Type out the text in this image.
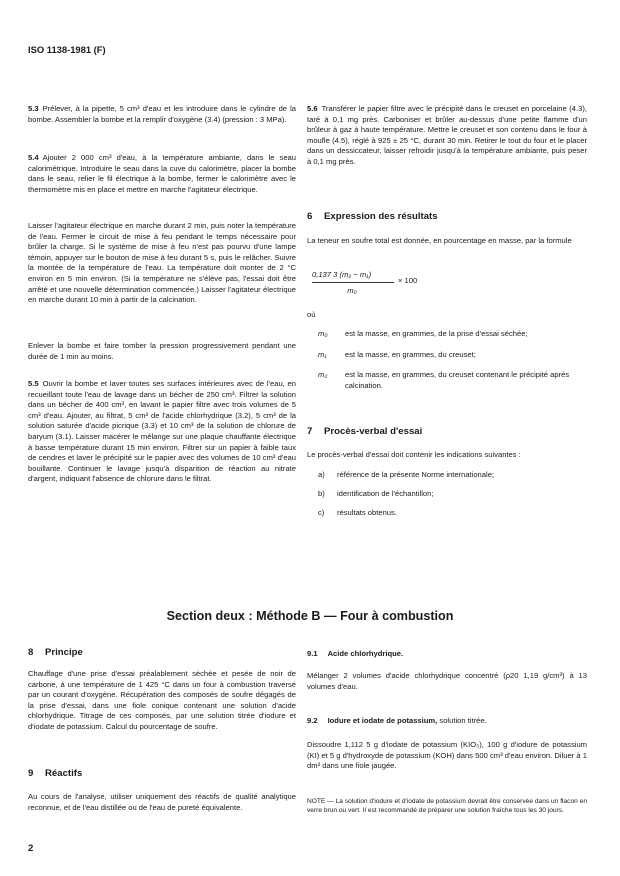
ISO 1138-1981 (F)

5.3 Prélever, à la pipette, 5 cm³ d'eau et les introduire dans le cylindre de la bombe. Assembler la bombe et la remplir d'oxygène (3.4) (pression : 3 MPa).

5.4 Ajouter 2 000 cm³ d'eau, à la température ambiante, dans le seau calorimétrique. Introduire le seau dans la cuve du calorimètre, placer la bombe dans le seau, relier le fil électrique à la bombe, fermer le calorimètre avec le thermomètre mis en place et mettre en marche l'agitateur électrique.

Laisser l'agitateur électrique en marche durant 2 min, puis noter la température de l'eau. Fermer le circuit de mise à feu pendant le temps nécessaire pour brûler la charge. Si le système de mise à feu n'est pas pourvu d'une lampe témoin, appuyer sur le bouton de mise à feu durant 5 s, puis le relâcher. Suivre la montée de la température de l'eau. La température doit monter de 2 °C environ en 5 min environ. (Si la température ne s'élève pas, l'essai doit être arrêté et une nouvelle détermination commencée.) Laisser l'agitateur électrique en marche durant 10 min à partir de la calcination.

Enlever la bombe et faire tomber la pression progressivement pendant une durée de 1 min au moins.

5.5 Ouvrir la bombe et laver toutes ses surfaces intérieures avec de l'eau, en recueillant toute l'eau de lavage dans un bécher de 250 cm³. Filtrer la solution dans un bécher de 400 cm³, en lavant le papier filtre avec trois volumes de 5 cm³ d'eau. Ajouter, au filtrat, 5 cm³ de l'acide chlorhydrique (3.2), 5 cm³ de la solution saturée d'acide picrique (3.3) et 10 cm³ de la solution de chlorure de baryum (3.1). Laisser macérer le mélange sur une plaque chauffante électrique à basse température durant 15 min environ. Filtrer sur un papier à faible taux de cendres et laver le précipité sur le papier avec des volumes de 10 cm³ d'eau bouillante. Continuer le lavage jusqu'à disparition de réaction au nitrate d'argent, indiquant l'absence de chlorure dans le filtrat.

5.6 Transférer le papier filtre avec le précipité dans le creuset en porcelaine (4.3), taré à 0,1 mg près. Carboniser et brûler au-dessus d'une petite flamme d'un brûleur à gaz à haute température. Mettre le creuset et son contenu dans le four à moufle (4.5), réglé à 925 ± 25 °C, durant 30 min. Retirer le tout du four et le placer dans un dessiccateur, laisser refroidir jusqu'à la température ambiante, puis peser à 0,1 mg près.

6 Expression des résultats

La teneur en soufre total est donnée, en pourcentage en masse, par la formule

$\frac{\text{0,137 3 (m₂ − m₁)}}{\text{m₀}} \times 100$
où
m₀	est la masse, en grammes, de la prise d'essai séchée;
m₁	est la masse, en grammes, du creuset;
m₂	est la masse, en grammes, du creuset contenant le précipité après calcination.
7 Procès-verbal d'essai

Le procès-verbal d'essai doit contenir les indications suivantes :

a)	référence de la présente Norme internationale;
b)	identification de l'échantillon;
c)	résultats obtenus.
Section deux : Méthode B — Four à combustion
8 Principe

Chauffage d'une prise d'essai préalablement séchée et pesée de noir de carbone, à une température de 1 425 °C dans un four à combustion traversé par un courant d'oxygène. Récupération des composés de soufre dégagés de la prise d'essai, dans une fiole conique contenant une solution d'acide chlorhydrique. Titrage de ces composés, par une solution titrée d'iodure et d'iodate de potassium. Calcul du pourcentage de soufre.

9 Réactifs

Au cours de l'analyse, utiliser uniquement des réactifs de qualité analytique reconnue, et de l'eau distillée ou de l'eau de pureté équivalente.

9.1 Acide chlorhydrique.

Mélanger 2 volumes d'acide chlorhydrique concentré (ρ20 1,19 g/cm³) à 13 volumes d'eau.

9.2 Iodure et iodate de potassium, solution titrée.

Dissoudre 1,112 5 g d'iodate de potassium (KIO₃), 100 g d'iodure de potassium (KI) et 5 g d'hydroxyde de potassium (KOH) dans 500 cm³ d'eau environ. Diluer à 1 dm³ dans une fiole jaugée.

NOTE — La solution d'iodure et d'iodate de potassium devrait être conservée dans un flacon en verre brun ou vert. Il est recommandé de préparer une solution fraîche tous les 30 jours.

2
